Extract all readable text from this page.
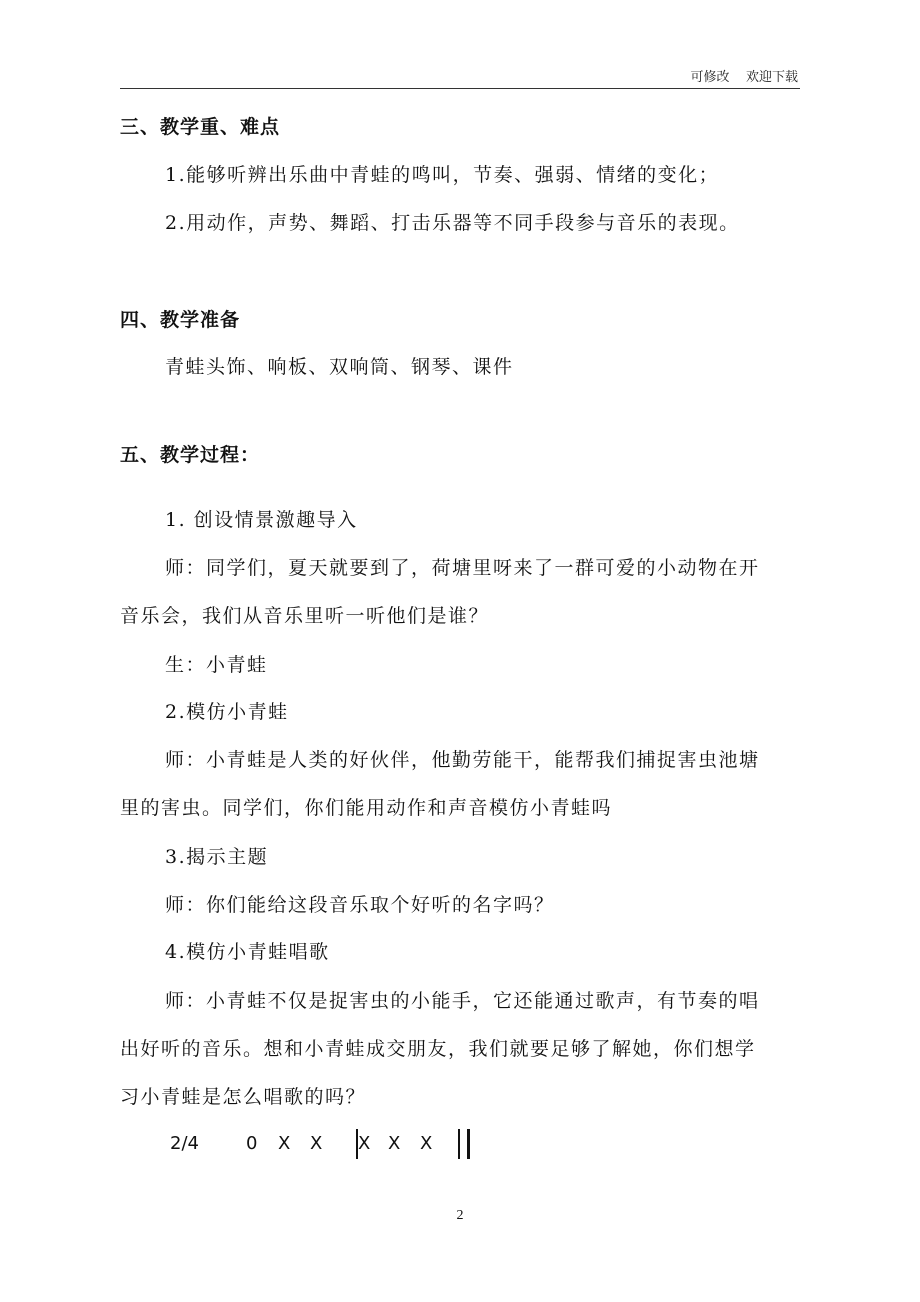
可修改    欢迎下载
三、教学重、难点
1.能够听辨出乐曲中青蛙的鸣叫，节奏、强弱、情绪的变化；
2.用动作，声势、舞蹈、打击乐器等不同手段参与音乐的表现。
四、教学准备
青蛙头饰、响板、双响筒、钢琴、课件
五、教学过程：
1. 创设情景激趣导入
师：同学们，夏天就要到了，荷塘里呀来了一群可爱的小动物在开
音乐会，我们从音乐里听一听他们是谁？
生：小青蛙
2.模仿小青蛙
师：小青蛙是人类的好伙伴，他勤劳能干，能帮我们捕捉害虫池塘
里的害虫。同学们，你们能用动作和声音模仿小青蛙吗
3.揭示主题
师：你们能给这段音乐取个好听的名字吗？
4.模仿小青蛙唱歌
师：小青蛙不仅是捉害虫的小能手，它还能通过歌声，有节奏的唱
出好听的音乐。想和小青蛙成交朋友，我们就要足够了解她，你们想学
习小青蛙是怎么唱歌的吗？
2/4	0 X X X X X
2
